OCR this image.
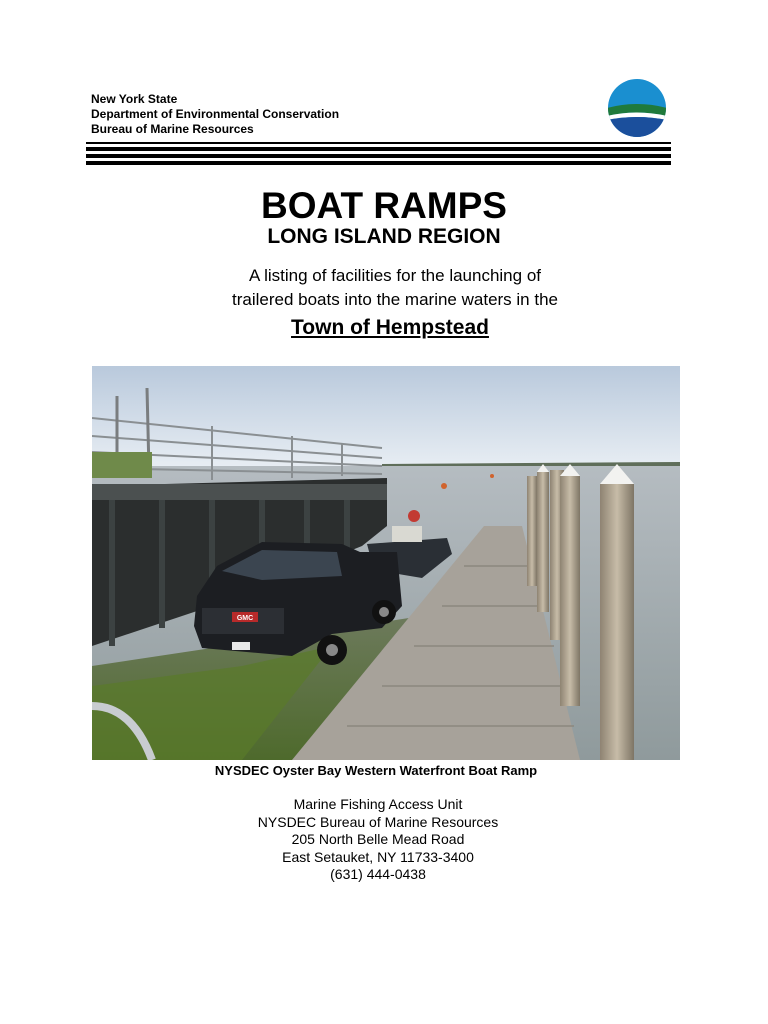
New York State
Department of Environmental Conservation
Bureau of Marine Resources
BOAT RAMPS
LONG ISLAND REGION
A listing of facilities for the launching of
trailered boats into the marine waters in the
Town of Hempstead
GMC
NYSDEC Oyster Bay Western Waterfront Boat Ramp
Marine Fishing Access Unit
NYSDEC Bureau of Marine Resources
205 North Belle Mead Road
East Setauket, NY 11733-3400
(631) 444-0438
